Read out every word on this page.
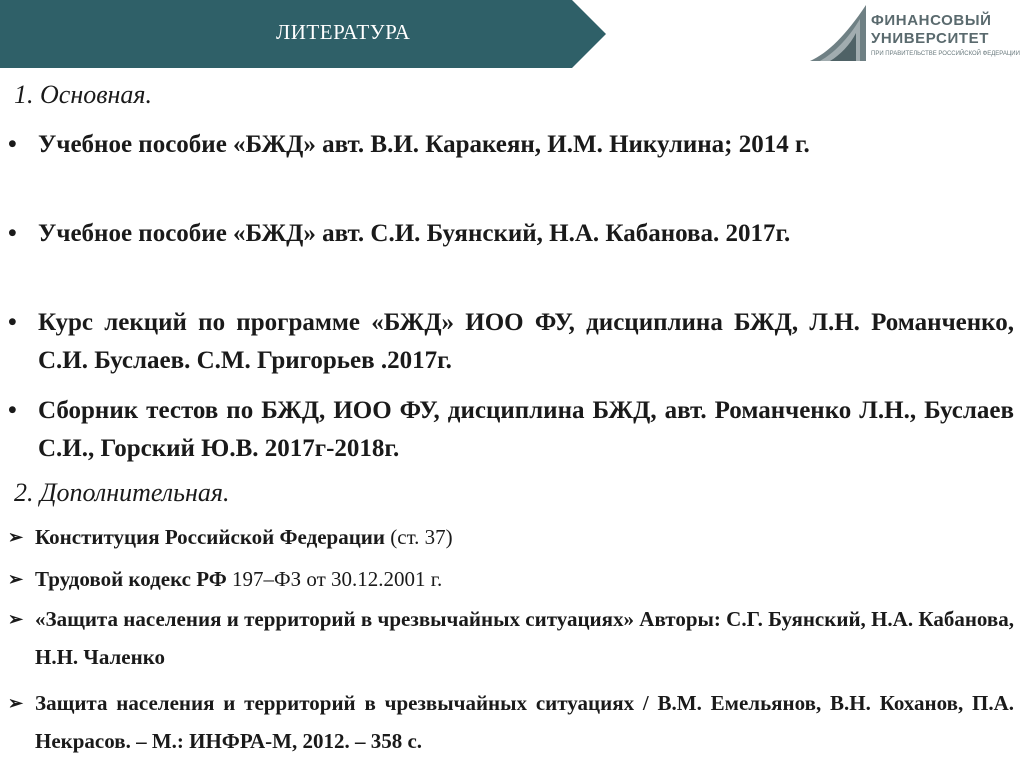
ЛИТЕРАТУРА	ФИНАНСОВЫЙ
УНИВЕРСИТЕТ
ПРИ ПРАВИТЕЛЬСТВЕ РОССИЙСКОЙ ФЕДЕРАЦИИ
1. Основная.
• Учебное пособие «БЖД» авт. В.И. Каракеян, И.М. Никулина; 2014 г.
• Учебное пособие «БЖД» авт. С.И. Буянский, Н.А. Кабанова. 2017г.
• Курс лекций по программе «БЖД» ИОО ФУ, дисциплина БЖД, Л.Н. Романченко, С.И. Буслаев. С.М. Григорьев .2017г.
• Сборник тестов по БЖД, ИОО ФУ, дисциплина БЖД, авт. Романченко Л.Н., Буслаев С.И., Горский Ю.В. 2017г-2018г.
2. Дополнительная.
➢ Конституция Российской Федерации (ст. 37)
➢ Трудовой кодекс РФ 197–ФЗ от 30.12.2001 г.
➢ «Защита населения и территорий в чрезвычайных ситуациях» Авторы: С.Г. Буянский, Н.А. Кабанова, Н.Н. Чаленко
➢ Защита населения и территорий в чрезвычайных ситуациях / В.М. Емельянов, В.Н. Коханов, П.А. Некрасов. – М.: ИНФРА-М, 2012. – 358 с.
